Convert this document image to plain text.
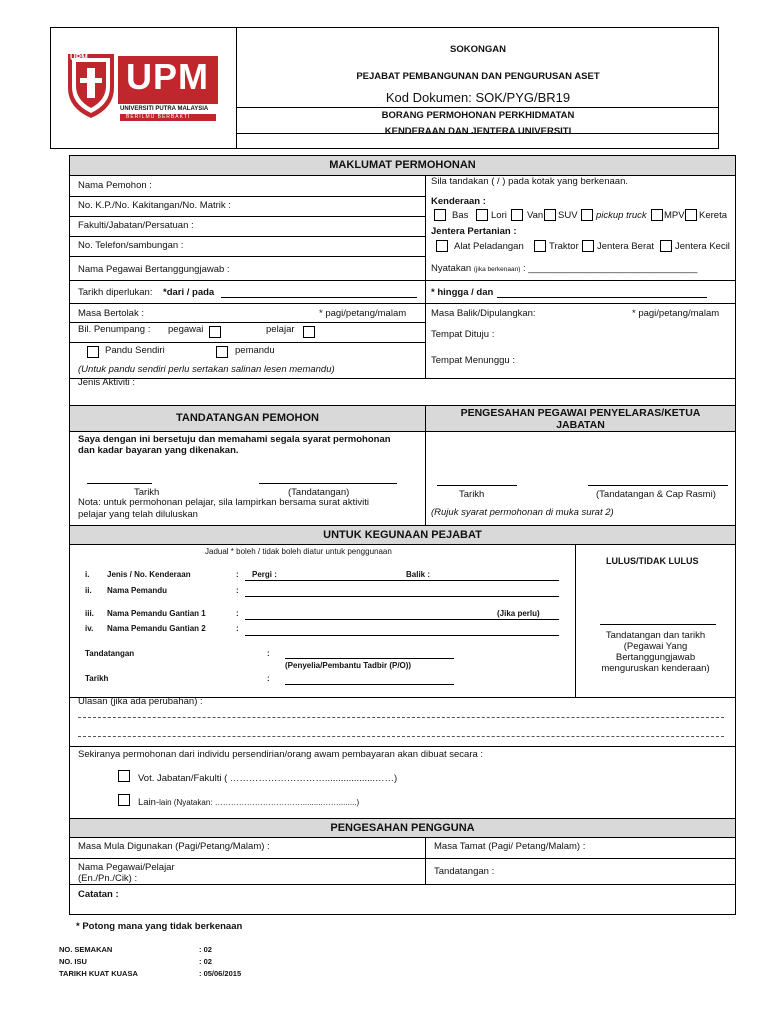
UPM UPM
UNIVERSITI PUTRA MALAYSIA
BERILMU BERBAKTI
SOKONGAN
PEJABAT PEMBANGUNAN DAN PENGURUSAN ASET
Kod Dokumen: SOK/PYG/BR19
BORANG PERMOHONAN PERKHIDMATAN
KENDERAAN DAN JENTERA UNIVERSITI
MAKLUMAT PERMOHONAN
Nama Pemohon :
No. K.P./No. Kakitangan/No. Matrik :
Fakulti/Jabatan/Persatuan :
No. Telefon/sambungan :
Nama Pegawai Bertanggungjawab :
Sila tandakan ( / ) pada kotak yang berkenaan.
Kenderaan :
Bas Lori Van SUV pickup truck MPV Kereta
Jentera Pertanian :
Alat Peladangan	Traktor Jentera Berat Jentera Kecil
Nyatakan (jika berkenaan) : ________________________________
Tarikh diperlukan: *dari / pada	* hingga / dan
Masa Bertolak :	* pagi/petang/malam	Masa Balik/Dipulangkan:	* pagi/petang/malam
Bil. Penumpang : pegawai	pelajar	Tempat Dituju :
Pandu Sendiri	pemandu
Tempat Menunggu :
(Untuk pandu sendiri perlu sertakan salinan lesen memandu)
Jenis Aktiviti :
TANDATANGAN PEMOHON	PENGESAHAN PEGAWAI PENYELARAS/KETUA
JABATAN
Saya dengan ini bersetuju dan memahami segala syarat permohonan
dan kadar bayaran yang dikenakan.
Tarikh	(Tandatangan)
Nota: untuk permohonan pelajar, sila lampirkan bersama surat aktiviti
pelajar yang telah diluluskan
Tarikh	(Tandatangan & Cap Rasmi)
(Rujuk syarat permohonan di muka surat 2)
UNTUK KEGUNAAN PEJABAT
Jadual * boleh / tidak boleh diatur untuk penggunaan
LULUS/TIDAK LULUS
i. Jenis / No. Kenderaan	: Pergi :	Balik :
ii. Nama Pemandu	:
iii. Nama Pemandu Gantian 1	:	(Jika perlu)
iv. Nama Pemandu Gantian 2	:
Tandatangan	:
(Penyelia/Pembantu Tadbir (P/O))
Tarikh	:
Tandatangan dan tarikh
(Pegawai Yang
Bertanggungjawab
menguruskan kenderaan)
Ulasan (jika ada perubahan) :
Sekiranya permohonan dari individu persendirian/orang awam pembayaran akan dibuat secara :
Vot. Jabatan/Fakulti ( …………………………...................……)
Lain-lain (Nyatakan: …………………………….........……........)
PENGESAHAN PENGGUNA
Masa Mula Digunakan (Pagi/Petang/Malam) :	Masa Tamat (Pagi/ Petang/Malam) :
Nama Pegawai/Pelajar
(En./Pn./Cik) :
Tandatangan :
Catatan :
* Potong mana yang tidak berkenaan
NO. SEMAKAN	: 02
NO. ISU	: 02
TARIKH KUAT KUASA	: 05/06/2015
